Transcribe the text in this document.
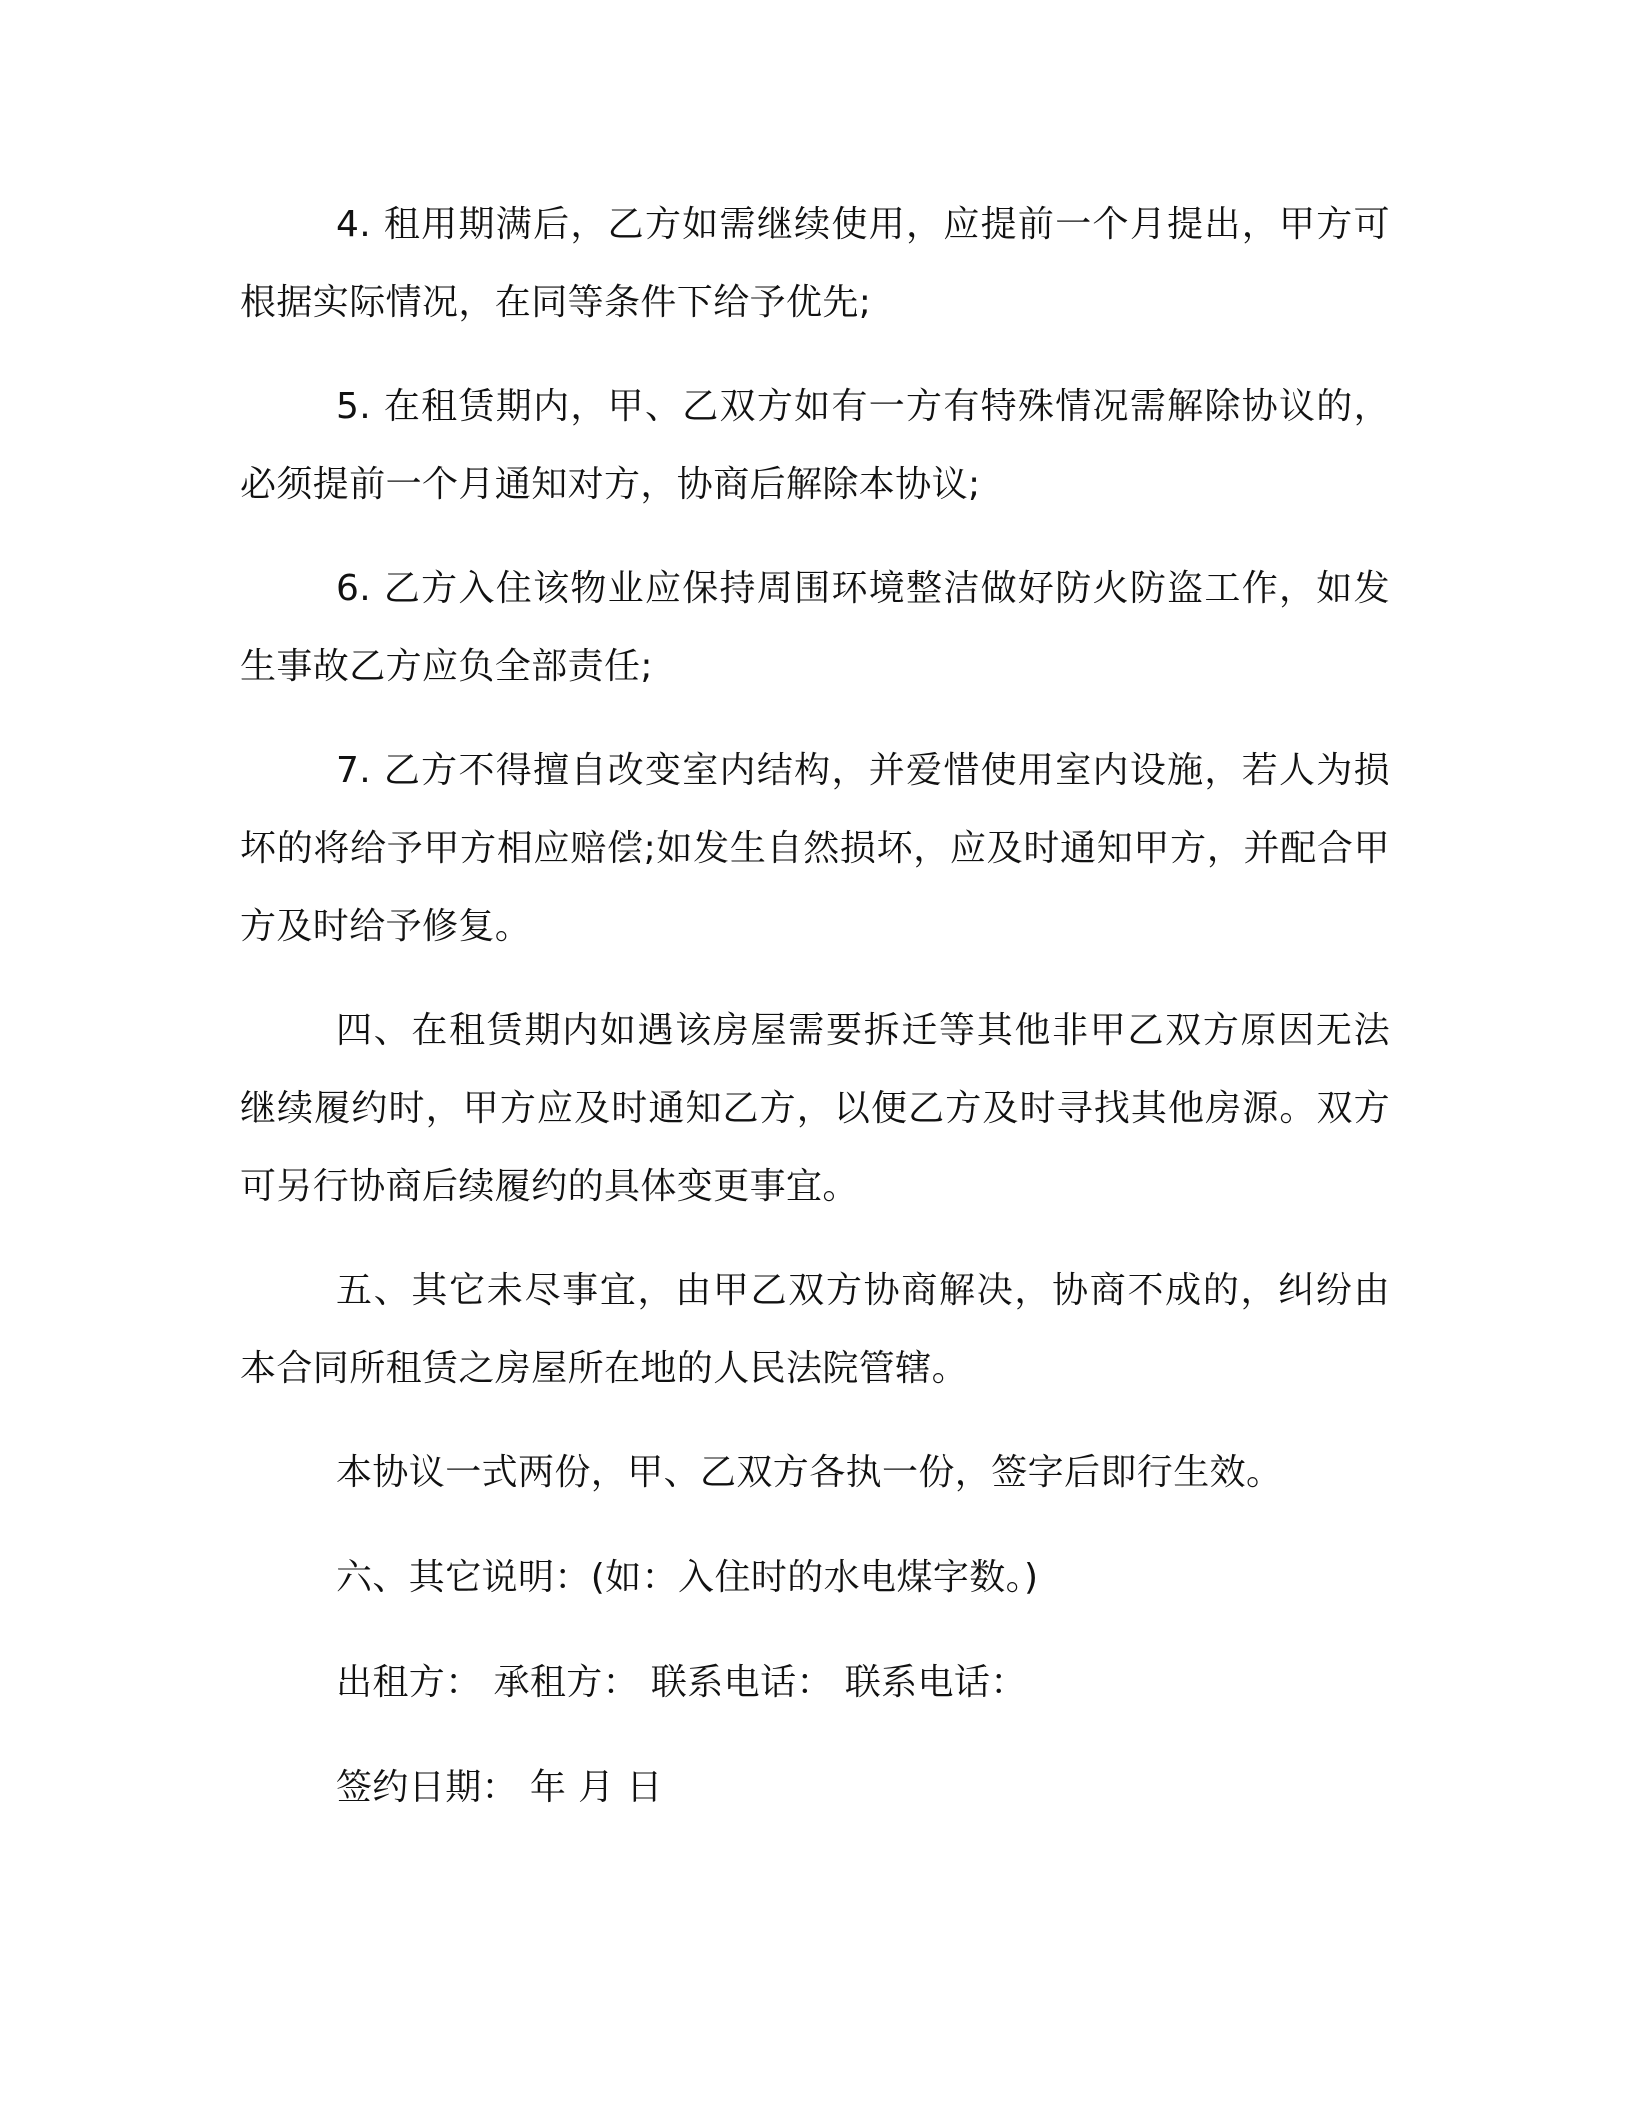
4. 租用期满后，乙方如需继续使用，应提前一个月提出，甲方可根据实际情况，在同等条件下给予优先;

5. 在租赁期内，甲、乙双方如有一方有特殊情况需解除协议的，必须提前一个月通知对方，协商后解除本协议;

6. 乙方入住该物业应保持周围环境整洁做好防火防盗工作，如发生事故乙方应负全部责任;

7. 乙方不得擅自改变室内结构，并爱惜使用室内设施，若人为损坏的将给予甲方相应赔偿;如发生自然损坏，应及时通知甲方，并配合甲方及时给予修复。

四、在租赁期内如遇该房屋需要拆迁等其他非甲乙双方原因无法继续履约时，甲方应及时通知乙方，以便乙方及时寻找其他房源。双方可另行协商后续履约的具体变更事宜。

五、其它未尽事宜，由甲乙双方协商解决，协商不成的，纠纷由本合同所租赁之房屋所在地的人民法院管辖。

本协议一式两份，甲、乙双方各执一份，签字后即行生效。

六、其它说明：(如：入住时的水电煤字数。)

出租方： 承租方： 联系电话： 联系电话：

签约日期： 年 月 日
